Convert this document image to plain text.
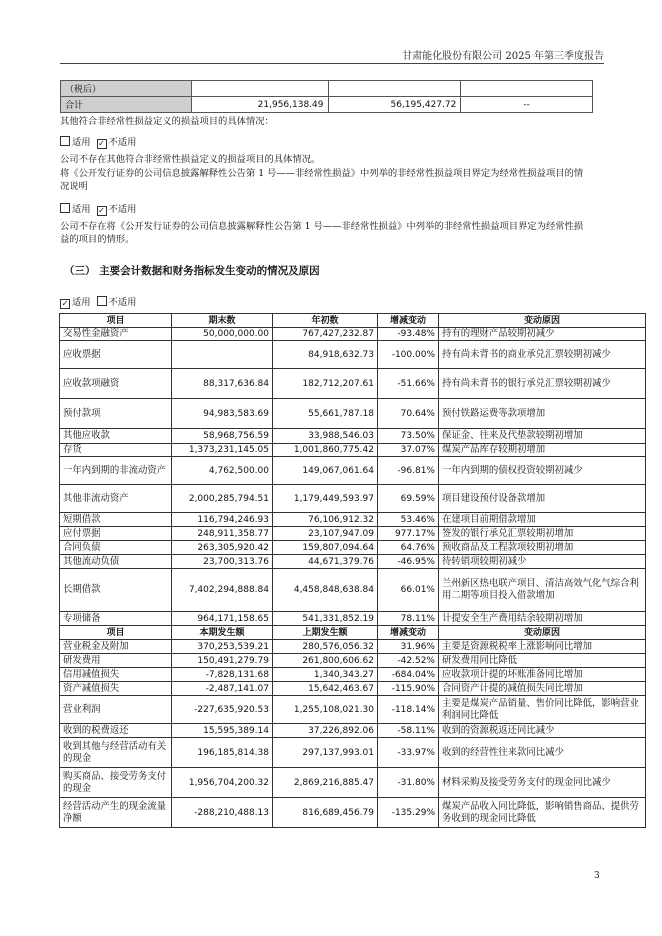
甘肃能化股份有限公司 2025 年第三季度报告
（税后）			
合计	21,956,138.49	56,195,427.72	--

其他符合非经常性损益定义的损益项目的具体情况：

适用 ✓ 不适用

公司不存在其他符合非经常性损益定义的损益项目的具体情况。

将《公开发行证券的公司信息披露解释性公告第 1 号——非经常性损益》中列举的非经常性损益项目界定为经常性损益项目的情况说明

适用 ✓ 不适用

公司不存在将《公开发行证券的公司信息披露解释性公告第 1 号——非经常性损益》中列举的非经常性损益项目界定为经常性损益的项目的情形。

（三） 主要会计数据和财务指标发生变动的情况及原因
✓ 适用 不适用
项目	期末数	年初数	增减变动	变动原因
交易性金融资产	50,000,000.00	767,427,232.87	-93.48%	持有的理财产品较期初减少
应收票据		84,918,632.73	-100.00%	持有尚未背书的商业承兑汇票较期初减少
应收款项融资	88,317,636.84	182,712,207.61	-51.66%	持有尚未背书的银行承兑汇票较期初减少
预付款项	94,983,583.69	55,661,787.18	70.64%	预付铁路运费等款项增加
其他应收款	58,968,756.59	33,988,546.03	73.50%	保证金、往来及代垫款较期初增加
存货	1,373,231,145.05	1,001,860,775.42	37.07%	煤炭产品库存较期初增加
一年内到期的非流动资产	4,762,500.00	149,067,061.64	-96.81%	一年内到期的债权投资较期初减少
其他非流动资产	2,000,285,794.51	1,179,449,593.97	69.59%	项目建设预付设备款增加
短期借款	116,794,246.93	76,106,912.32	53.46%	在建项目前期借款增加
应付票据	248,911,358.77	23,107,947.09	977.17%	签发的银行承兑汇票较期初增加
合同负债	263,305,920.42	159,807,094.64	64.76%	预收商品及工程款项较期初增加
其他流动负债	23,700,313.76	44,671,379.76	-46.95%	待转销项较期初减少
长期借款	7,402,294,888.84	4,458,848,638.84	66.01%	兰州新区热电联产项目、清洁高效气化气综合利用二期等项目投入借款增加
专项储备	964,171,158.65	541,331,852.19	78.11%	计提安全生产费用结余较期初增加
项目	本期发生额	上期发生额	增减变动	变动原因
营业税金及附加	370,253,539.21	280,576,056.32	31.96%	主要是资源税税率上涨影响同比增加
研发费用	150,491,279.79	261,800,606.62	-42.52%	研发费用同比降低
信用减值损失	-7,828,131.68	1,340,343.27	-684.04%	应收款项计提的坏账准备同比增加
资产减值损失	-2,487,141.07	15,642,463.67	-115.90%	合同资产计提的减值损失同比增加
营业利润	-227,635,920.53	1,255,108,021.30	-118.14%	主要是煤炭产品销量、售价同比降低，影响营业利润同比降低
收到的税费返还	15,595,389.14	37,226,892.06	-58.11%	收到的资源税返还同比减少
收到其他与经营活动有关的现金	196,185,814.38	297,137,993.01	-33.97%	收到的经营性往来款同比减少
购买商品、接受劳务支付的现金	1,956,704,200.32	2,869,216,885.47	-31.80%	材料采购及接受劳务支付的现金同比减少
经营活动产生的现金流量净额	-288,210,488.13	816,689,456.79	-135.29%	煤炭产品收入同比降低，影响销售商品、提供劳务收到的现金同比降低
3
